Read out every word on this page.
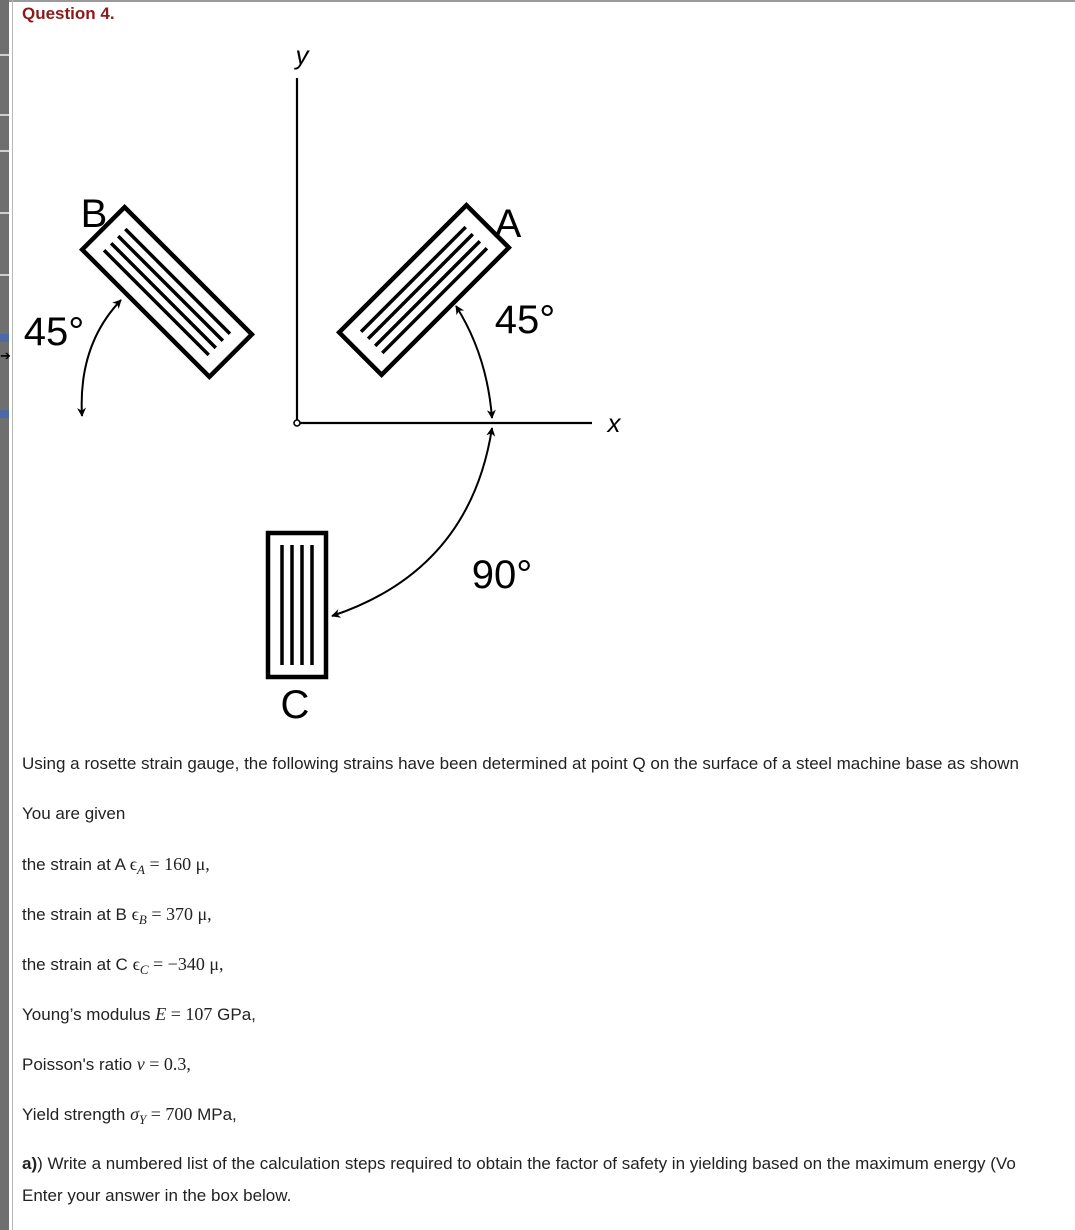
➔
Question 4.
y
x
A
B
C
45°
45°
90°
Using a rosette strain gauge, the following strains have been determined at point Q on the surface of a steel machine base as shown
You are given
the strain at A $\epsilon_A = 160$ μ,
the strain at B $\epsilon_B = 370$ μ,
the strain at C $\epsilon_C = -340$ μ,
Young’s modulus E = 107 GPa,
Poisson's ratio ν = 0.3,
Yield strength $\sigma_Y = 700$ MPa,
a)) Write a numbered list of the calculation steps required to obtain the factor of safety in yielding based on the maximum energy (Vo
Enter your answer in the box below.
